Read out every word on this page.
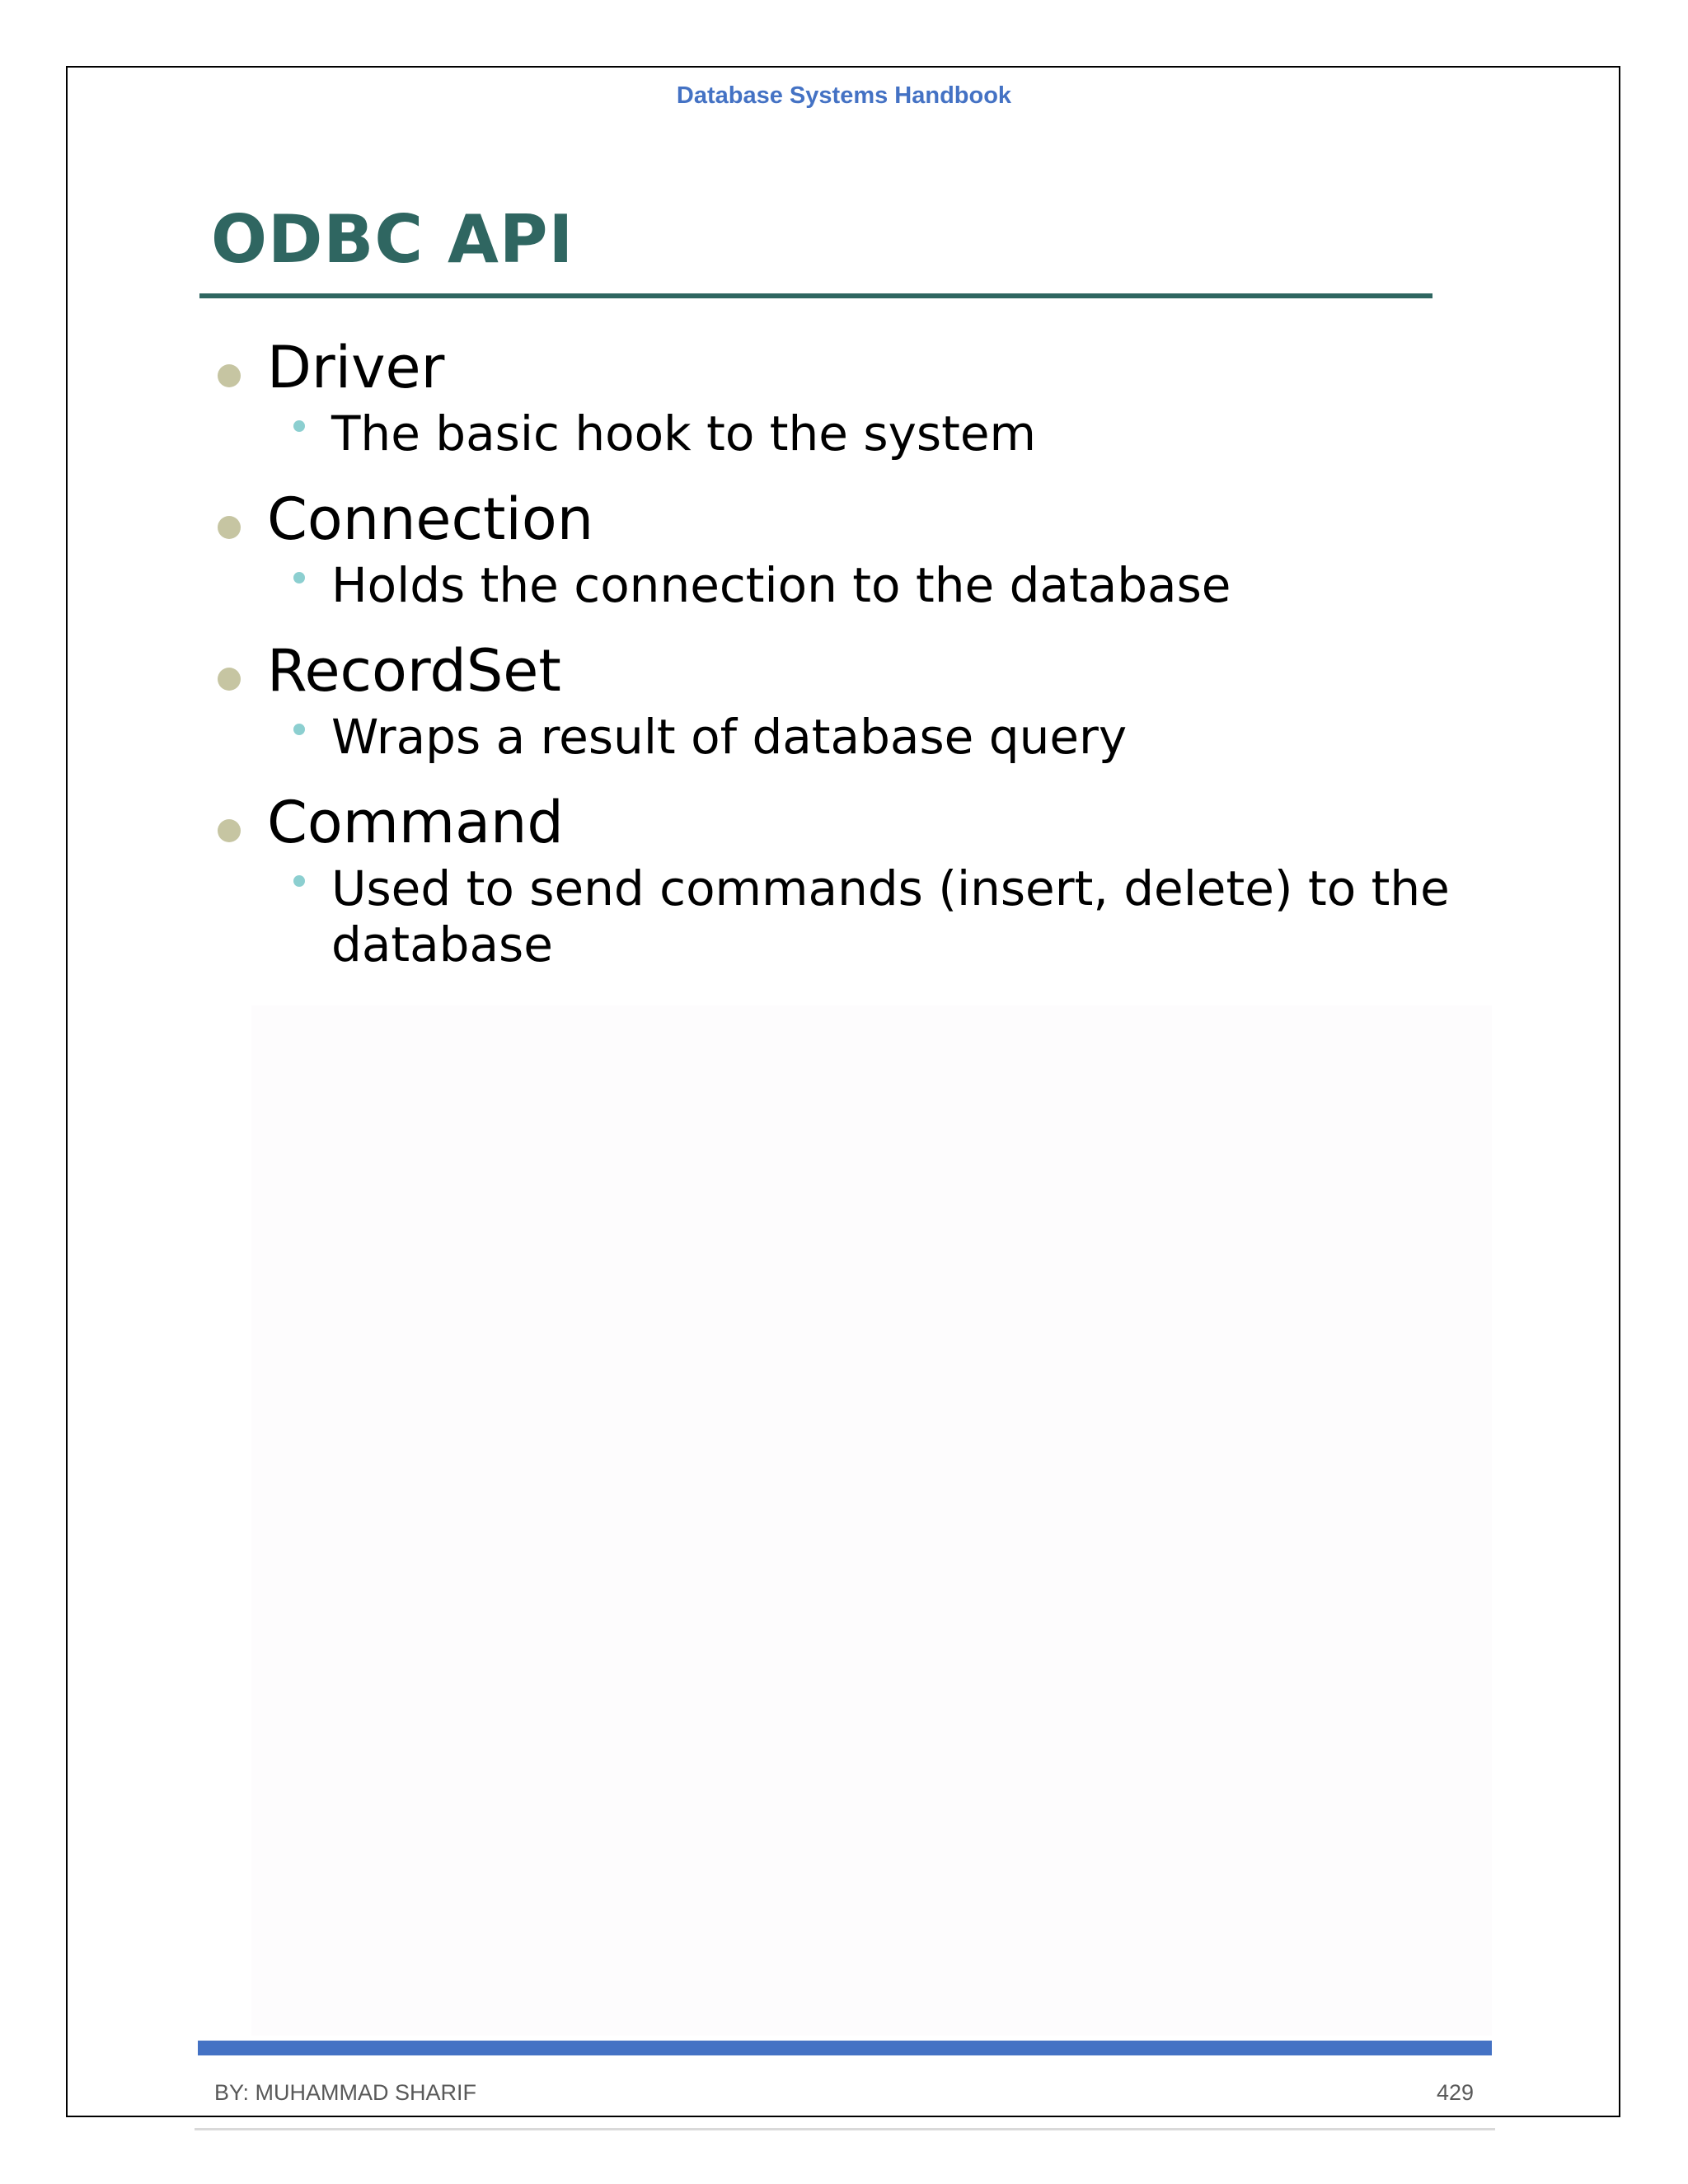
Database Systems Handbook
ODBC API
Driver
The basic hook to the system
Connection
Holds the connection to the database
RecordSet
Wraps a result of database query
Command
Used to send commands (insert, delete) to the database
BY: MUHAMMAD SHARIF	429
